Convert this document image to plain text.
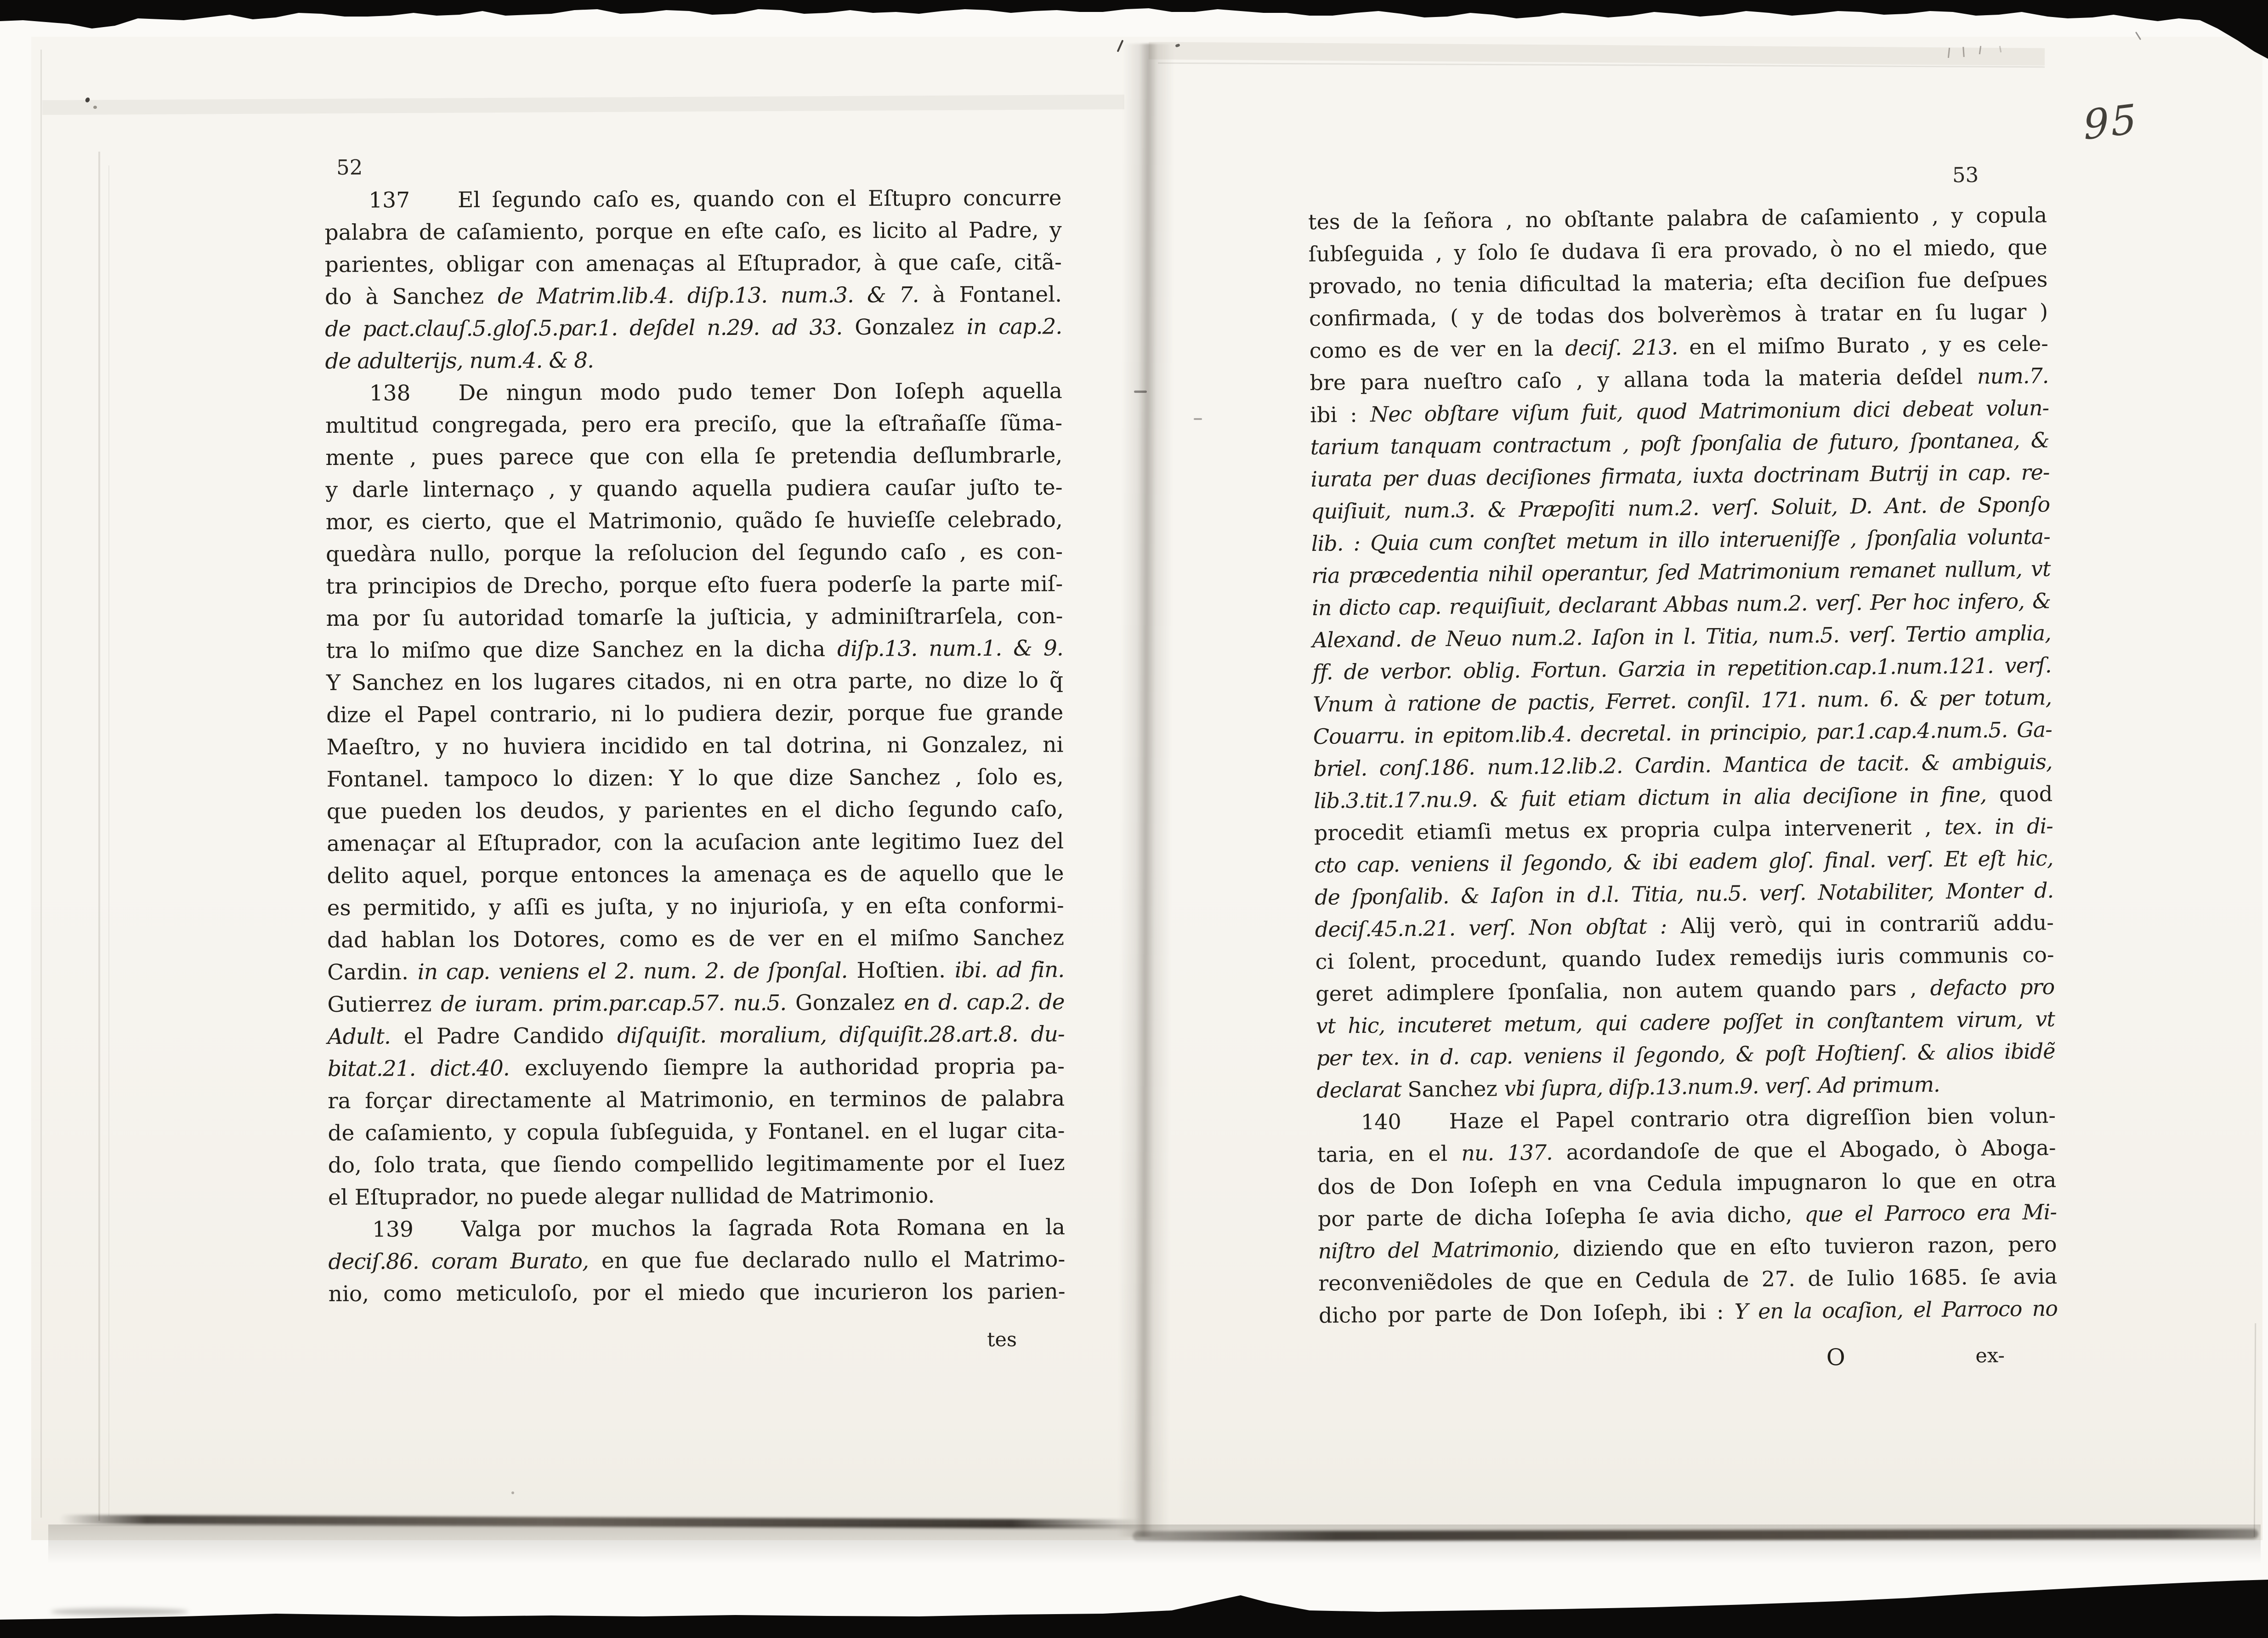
95
52
137 El ſegundo caſo es, quando con el Eſtupro concurre
palabra de caſamiento, porque en eſte caſo, es licito al Padre, y
parientes, obligar con amenaças al Eſtuprador, à que caſe, citã-
do à Sanchez de Matrim.lib.4. diſp.13. num.3. & 7. à Fontanel.
de pact.clauſ.5.gloſ.5.par.1. deſdel n.29. ad 33. Gonzalez in cap.2.
de adulterijs, num.4. & 8.
138 De ningun modo pudo temer Don Ioſeph aquella
multitud congregada, pero era preciſo, que la eſtrañaſſe ſũma-
mente , pues parece que con ella ſe pretendia deſlumbrarle,
y darle linternaço , y quando aquella pudiera cauſar juſto te-
mor, es cierto, que el Matrimonio, quãdo ſe huvieſſe celebrado,
quedàra nullo, porque la reſolucion del ſegundo caſo , es con-
tra principios de Drecho, porque eſto fuera poderſe la parte miſ-
ma por ſu autoridad tomarſe la juſticia, y adminiſtrarſela, con-
tra lo miſmo que dize Sanchez en la dicha diſp.13. num.1. & 9.
Y Sanchez en los lugares citados, ni en otra parte, no dize lo q̃
dize el Papel contrario, ni lo pudiera dezir, porque fue grande
Maeſtro, y no huviera incidido en tal dotrina, ni Gonzalez, ni
Fontanel. tampoco lo dizen: Y lo que dize Sanchez , ſolo es,
que pueden los deudos, y parientes en el dicho ſegundo caſo,
amenaçar al Eſtuprador, con la acuſacion ante legitimo Iuez del
delito aquel, porque entonces la amenaça es de aquello que le
es permitido, y aſſi es juſta, y no injurioſa, y en eſta conformi-
dad hablan los Dotores, como es de ver en el miſmo Sanchez
Cardin. in cap. veniens el 2. num. 2. de ſponſal. Hoſtien. ibi. ad fin.
Gutierrez de iuram. prim.par.cap.57. nu.5. Gonzalez en d. cap.2. de
Adult. el Padre Candido diſquiſit. moralium, diſquiſit.28.art.8. du-
bitat.21. dict.40. excluyendo ſiempre la authoridad propria pa-
ra forçar directamente al Matrimonio, en terminos de palabra
de caſamiento, y copula ſubſeguida, y Fontanel. en el lugar cita-
do, ſolo trata, que ſiendo compellido legitimamente por el Iuez
el Eſtuprador, no puede alegar nullidad de Matrimonio.
139 Valga por muchos la ſagrada Rota Romana en la
deciſ.86. coram Burato, en que fue declarado nullo el Matrimo-
nio, como meticuloſo, por el miedo que incurieron los parien-
tes
53
tes de la ſeñora , no obſtante palabra de caſamiento , y copula
ſubſeguida , y ſolo ſe dudava ſi era provado, ò no el miedo, que
provado, no tenia dificultad la materia; eſta deciſion fue deſpues
confirmada, ( y de todas dos bolverèmos à tratar en ſu lugar )
como es de ver en la deciſ. 213. en el miſmo Burato , y es cele-
bre para nueſtro caſo , y allana toda la materia deſdel num.7.
ibi : Nec obſtare viſum fuit, quod Matrimonium dici debeat volun-
tarium tanquam contractum , poſt ſponſalia de futuro, ſpontanea, &
iurata per duas deciſiones firmata, iuxta doctrinam Butrij in cap. re-
quiſiuit, num.3. & Præpoſiti num.2. verſ. Soluit, D. Ant. de Sponſo
lib. : Quia cum conſtet metum in illo interueniſſe , ſponſalia volunta-
ria præcedentia nihil operantur, ſed Matrimonium remanet nullum, vt
in dicto cap. requiſiuit, declarant Abbas num.2. verſ. Per hoc infero, &
Alexand. de Neuo num.2. Iaſon in l. Titia, num.5. verſ. Tertio amplia,
ff. de verbor. oblig. Fortun. Garzia in repetition.cap.1.num.121. verſ.
Vnum à ratione de pactis, Ferret. conſil. 171. num. 6. & per totum,
Couarru. in epitom.lib.4. decretal. in principio, par.1.cap.4.num.5. Ga-
briel. conſ.186. num.12.lib.2. Cardin. Mantica de tacit. & ambiguis,
lib.3.tit.17.nu.9. & fuit etiam dictum in alia deciſione in fine, quod
procedit etiamſi metus ex propria culpa intervenerit , tex. in di-
cto cap. veniens il ſegondo, & ibi eadem gloſ. final. verſ. Et eſt hic,
de ſponſalib. & Iaſon in d.l. Titia, nu.5. verſ. Notabiliter, Monter d.
deciſ.45.n.21. verſ. Non obſtat : Alij verò, qui in contrariũ addu-
ci ſolent, procedunt, quando Iudex remedijs iuris communis co-
geret adimplere ſponſalia, non autem quando pars , defacto pro
vt hic, incuteret metum, qui cadere poſſet in conſtantem virum, vt
per tex. in d. cap. veniens il ſegondo, & poſt Hoſtienſ. & alios ibidẽ
declarat Sanchez vbi ſupra, diſp.13.num.9. verſ. Ad primum.
140 Haze el Papel contrario otra digreſſion bien volun-
taria, en el nu. 137. acordandoſe de que el Abogado, ò Aboga-
dos de Don Ioſeph en vna Cedula impugnaron lo que en otra
por parte de dicha Ioſepha ſe avia dicho, que el Parroco era Mi-
niſtro del Matrimonio, diziendo que en eſto tuvieron razon, pero
reconveniẽdoles de que en Cedula de 27. de Iulio 1685. ſe avia
dicho por parte de Don Ioſeph, ibi : Y en la ocaſion, el Parroco no
O	ex-
